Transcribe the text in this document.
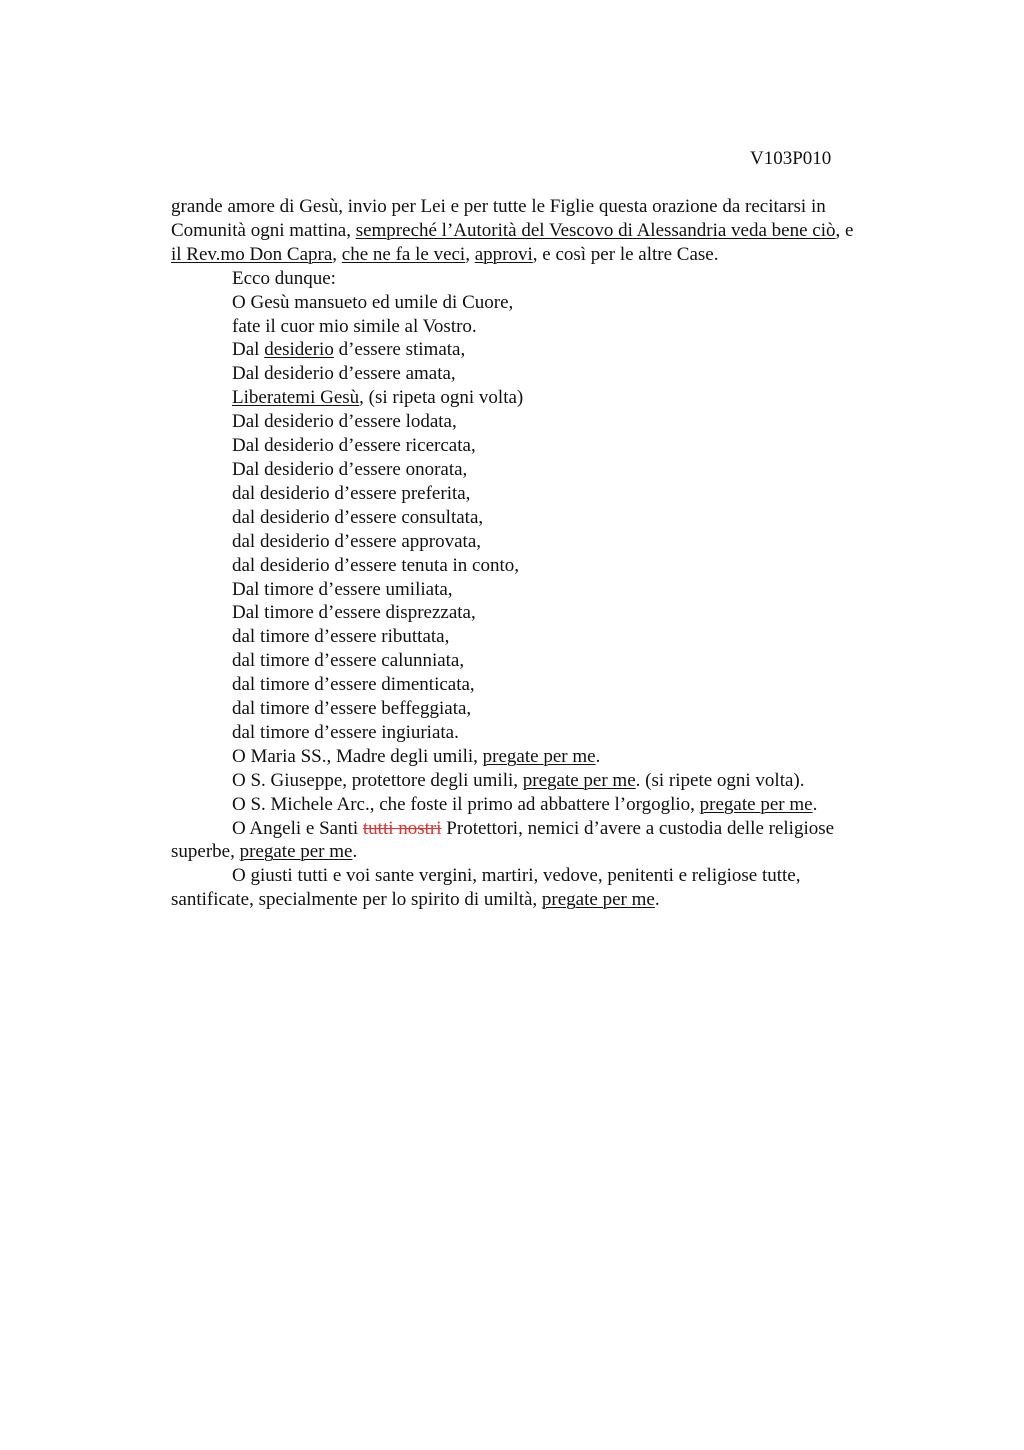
V103P010
grande amore di Gesù, invio per Lei e per tutte le Figlie questa orazione da recitarsi in
Comunità ogni mattina, sempreché l’Autorità del Vescovo di Alessandria veda bene ciò, e
il Rev.mo Don Capra, che ne fa le veci, approvi, e così per le altre Case.
Ecco dunque:
O Gesù mansueto ed umile di Cuore,
fate il cuor mio simile al Vostro.
Dal desiderio d’essere stimata,
Dal desiderio d’essere amata,
Liberatemi Gesù, (si ripeta ogni volta)
Dal desiderio d’essere lodata,
Dal desiderio d’essere ricercata,
Dal desiderio d’essere onorata,
dal desiderio d’essere preferita,
dal desiderio d’essere consultata,
dal desiderio d’essere approvata,
dal desiderio d’essere tenuta in conto,
Dal timore d’essere umiliata,
Dal timore d’essere disprezzata,
dal timore d’essere ributtata,
dal timore d’essere calunniata,
dal timore d’essere dimenticata,
dal timore d’essere beffeggiata,
dal timore d’essere ingiuriata.
O Maria SS., Madre degli umili, pregate per me.
O S. Giuseppe, protettore degli umili, pregate per me. (si ripete ogni volta).
O S. Michele Arc., che foste il primo ad abbattere l’orgoglio, pregate per me.
O Angeli e Santi tutti nostri Protettori, nemici d’avere a custodia delle religiose
superbe, pregate per me.
O giusti tutti e voi sante vergini, martiri, vedove, penitenti e religiose tutte,
santificate, specialmente per lo spirito di umiltà, pregate per me.
